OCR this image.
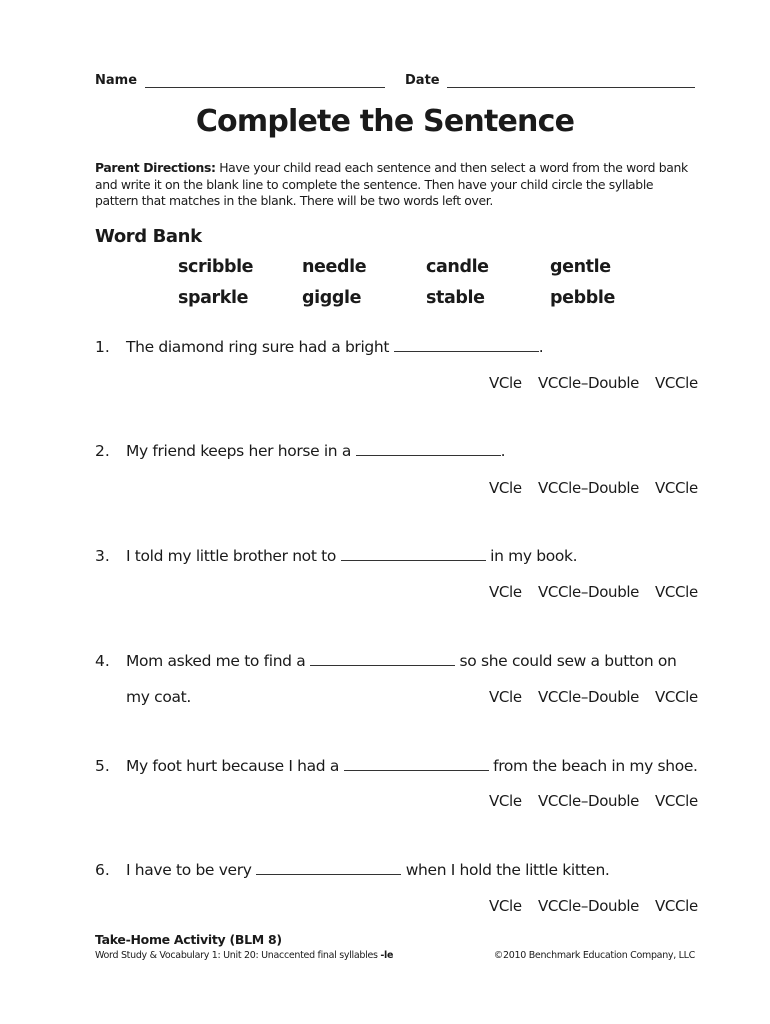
Name	Date
Complete the Sentence
Parent Directions: Have your child read each sentence and then select a word from the word bank and write it on the blank line to complete the sentence. Then have your child circle the syllable pattern that matches in the blank. There will be two words left over.
Word Bank
scribble	needle	candle	gentle
sparkle	giggle	stable	pebble
1. The diamond ring sure had a bright	.
VCle VCCle–Double VCCle
2. My friend keeps her horse in a	.
VCle VCCle–Double VCCle
3. I told my little brother not to	in my book.
VCle VCCle–Double VCCle
4. Mom asked me to find a	so she could sew a button on
my coat.	VCle VCCle–Double VCCle
5. My foot hurt because I had a	from the beach in my shoe.
VCle VCCle–Double VCCle
6. I have to be very	when I hold the little kitten.
VCle VCCle–Double VCCle
Take-Home Activity (BLM 8)
Word Study & Vocabulary 1: Unit 20: Unaccented final syllables -le	©2010 Benchmark Education Company, LLC
